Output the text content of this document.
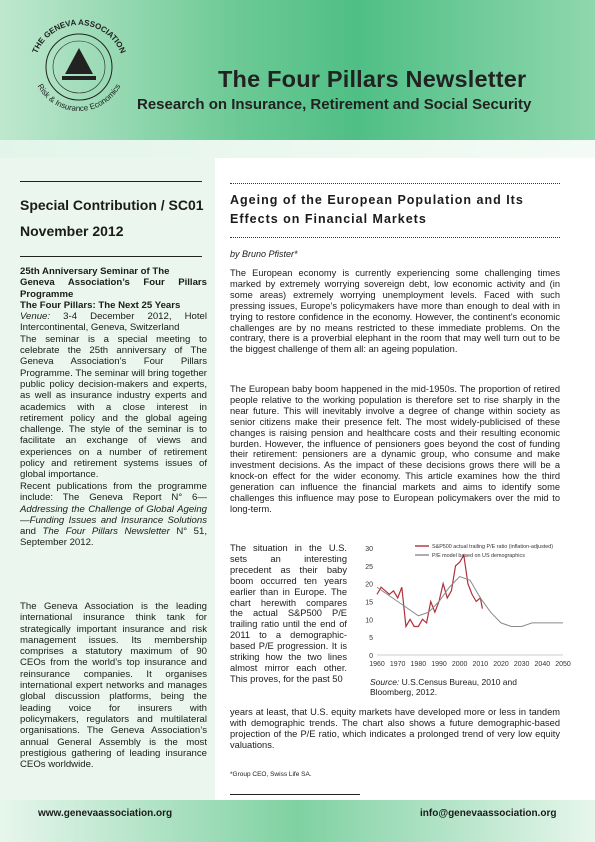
THE GENEVA ASSOCIATION
Risk & Insurance Economics	The Four Pillars Newsletter
Research on Insurance, Retirement and Social Security
Special Contribution / SC01
November 2012
25th Anniversary Seminar of The
Geneva Association’s Four Pillars Programme
The Four Pillars: The Next 25 Years
Venue: 3-4 December 2012, Hotel Intercontinental, Geneva, Switzerland
The seminar is a special meeting to celebrate the 25th anniversary of The Geneva Association’s Four Pillars Programme. The seminar will bring together public policy decision-makers and experts, as well as insurance industry experts and academics with a close interest in retirement policy and the global ageing challenge. The style of the seminar is to facilitate an exchange of views and experiences on a number of retirement policy and retirement systems issues of global importance.
Recent publications from the programme include: The Geneva Report N° 6— Addressing the Challenge of Global Ageing—Funding Issues and Insurance Solutions and The Four Pillars Newsletter N° 51, September 2012.
The Geneva Association is the leading international insurance think tank for strategically important insurance and risk management issues. Its membership comprises a statutory maximum of 90 CEOs from the world’s top insurance and reinsurance companies. It organises international expert networks and manages global discussion platforms, being the leading voice for insurers with policymakers, regulators and multilateral organisations. The Geneva Association’s annual General Assembly is the most prestigious gathering of leading insurance CEOs worldwide.
Ageing of the European Population and Its Effects on Financial Markets
by Bruno Pfister*
The European economy is currently experiencing some challenging times marked by extremely worrying sovereign debt, low economic activity and (in some areas) extremely worrying unemployment levels. Faced with such pressing issues, Europe’s policymakers have more than enough to deal with in trying to restore confidence in the economy. However, the continent’s economic challenges are by no means restricted to these immediate problems. On the contrary, there is a proverbial elephant in the room that may well turn out to be the biggest challenge of them all: an ageing population.
The European baby boom happened in the mid-1950s. The proportion of retired people relative to the working population is therefore set to rise sharply in the near future. This will inevitably involve a degree of change within society as senior citizens make their presence felt. The most widely-publicised of these changes is raising pension and healthcare costs and their resulting economic burden. However, the influence of pensioners goes beyond the cost of funding their retirement: pensioners are a dynamic group, who consume and make investment decisions. As the impact of these decisions grows there will be a knock-on effect for the wider economy. This article examines how the third generation can influence the financial markets and aims to identify some challenges this influence may pose to European policymakers over the mid to long-term.
The situation in the U.S. sets an interesting precedent as their baby boom occurred ten years earlier than in Europe. The chart herewith compares the actual S&P500 P/E trailing ratio until the end of 2011 to a demographic-based P/E progression. It is striking how the two lines almost mirror each other. This proves, for the past 50
0
5
10
15
20
25
30
1960 1970 1980 1990 2000 2010 2020 2030 2040 2050
S&P500 actual trailing P/E ratio (inflation-adjusted)
P/E model based on US demographics
Source: U.S.Census Bureau, 2010 and Bloomberg, 2012.
years at least, that U.S. equity markets have developed more or less in tandem with demographic trends. The chart also shows a future demographic-based projection of the P/E ratio, which indicates a prolonged trend of very low equity valuations.
*Group CEO, Swiss Life SA.
www.genevaassociation.org	info@genevaassociation.org
